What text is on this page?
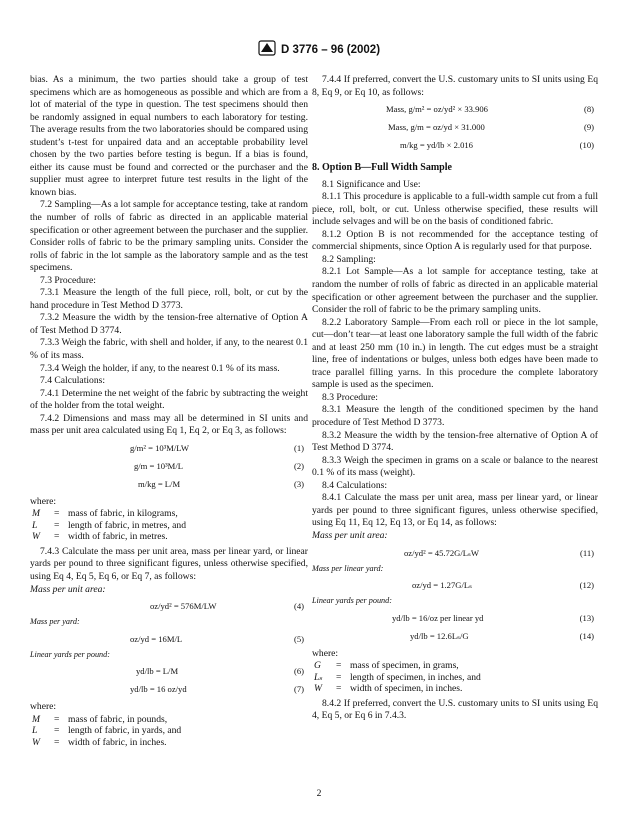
D 3776 – 96 (2002)

bias. As a minimum, the two parties should take a group of test specimens which are as homogeneous as possible and which are from a lot of material of the type in question. The test specimens should then be randomly assigned in equal numbers to each laboratory for testing. The average results from the two laboratories should be compared using student’s t-test for unpaired data and an acceptable probability level chosen by the two parties before testing is begun. If a bias is found, either its cause must be found and corrected or the purchaser and the supplier must agree to interpret future test results in the light of the known bias.

7.2 Sampling—As a lot sample for acceptance testing, take at random the number of rolls of fabric as directed in an applicable material specification or other agreement between the purchaser and the supplier. Consider rolls of fabric to be the primary sampling units. Consider the rolls of fabric in the lot sample as the laboratory sample and as the test specimens.

7.3 Procedure:

7.3.1 Measure the length of the full piece, roll, bolt, or cut by the hand procedure in Test Method D 3773.

7.3.2 Measure the width by the tension-free alternative of Option A of Test Method D 3774.

7.3.3 Weigh the fabric, with shell and holder, if any, to the nearest 0.1 % of its mass.

7.3.4 Weigh the holder, if any, to the nearest 0.1 % of its mass.

7.4 Calculations:

7.4.1 Determine the net weight of the fabric by subtracting the weight of the holder from the total weight.

7.4.2 Dimensions and mass may all be determined in SI units and mass per unit area calculated using Eq 1, Eq 2, or Eq 3, as follows:

g/m² = 10³M/LW	(1)
g/m = 10³M/L	(2)
m/kg = L/M	(3)
where:
M	= mass of fabric, in kilograms,
L	= length of fabric, in metres, and
W	= width of fabric, in metres.

7.4.3 Calculate the mass per unit area, mass per linear yard, or linear yards per pound to three significant figures, unless otherwise specified, using Eq 4, Eq 5, Eq 6, or Eq 7, as follows:

Mass per unit area:
oz/yd² = 576M/LW	(4)
Mass per yard:
oz/yd = 16M/L	(5)
Linear yards per pound:
yd/lb = L/M	(6)
yd/lb = 16 oz/yd	(7)
where:
M	= mass of fabric, in pounds,
L	= length of fabric, in yards, and
W	= width of fabric, in inches.

7.4.4 If preferred, convert the U.S. customary units to SI units using Eq 8, Eq 9, or Eq 10, as follows:

Mass, g/m² = oz/yd² × 33.906	(8)
Mass, g/m = oz/yd × 31.000	(9)
m/kg = yd/lb × 2.016	(10)
8. Option B—Full Width Sample

8.1 Significance and Use:

8.1.1 This procedure is applicable to a full-width sample cut from a full piece, roll, bolt, or cut. Unless otherwise specified, these results will include selvages and will be on the basis of conditioned fabric.

8.1.2 Option B is not recommended for the acceptance testing of commercial shipments, since Option A is regularly used for that purpose.

8.2 Sampling:

8.2.1 Lot Sample—As a lot sample for acceptance testing, take at random the number of rolls of fabric as directed in an applicable material specification or other agreement between the purchaser and the supplier. Consider the roll of fabric to be the primary sampling units.

8.2.2 Laboratory Sample—From each roll or piece in the lot sample, cut—don’t tear—at least one laboratory sample the full width of the fabric and at least 250 mm (10 in.) in length. The cut edges must be a straight line, free of indentations or bulges, unless both edges have been made to trace parallel filling yarns. In this procedure the complete laboratory sample is used as the specimen.

8.3 Procedure:

8.3.1 Measure the length of the conditioned specimen by the hand procedure of Test Method D 3773.

8.3.2 Measure the width by the tension-free alternative of Option A of Test Method D 3774.

8.3.3 Weigh the specimen in grams on a scale or balance to the nearest 0.1 % of its mass (weight).

8.4 Calculations:

8.4.1 Calculate the mass per unit area, mass per linear yard, or linear yards per pound to three significant figures, unless otherwise specified, using Eq 11, Eq 12, Eq 13, or Eq 14, as follows:

Mass per unit area:
oz/yd² = 45.72G/LₛW	(11)
Mass per linear yard:
oz/yd = 1.27G/Lₛ	(12)
Linear yards per pound:
yd/lb = 16/oz per linear yd	(13)
yd/lb = 12.6Lₛ/G	(14)
where:
G	= mass of specimen, in grams,
Lₛ	= length of specimen, in inches, and
W	= width of specimen, in inches.

8.4.2 If preferred, convert the U.S. customary units to SI units using Eq 4, Eq 5, or Eq 6 in 7.4.3.

2
